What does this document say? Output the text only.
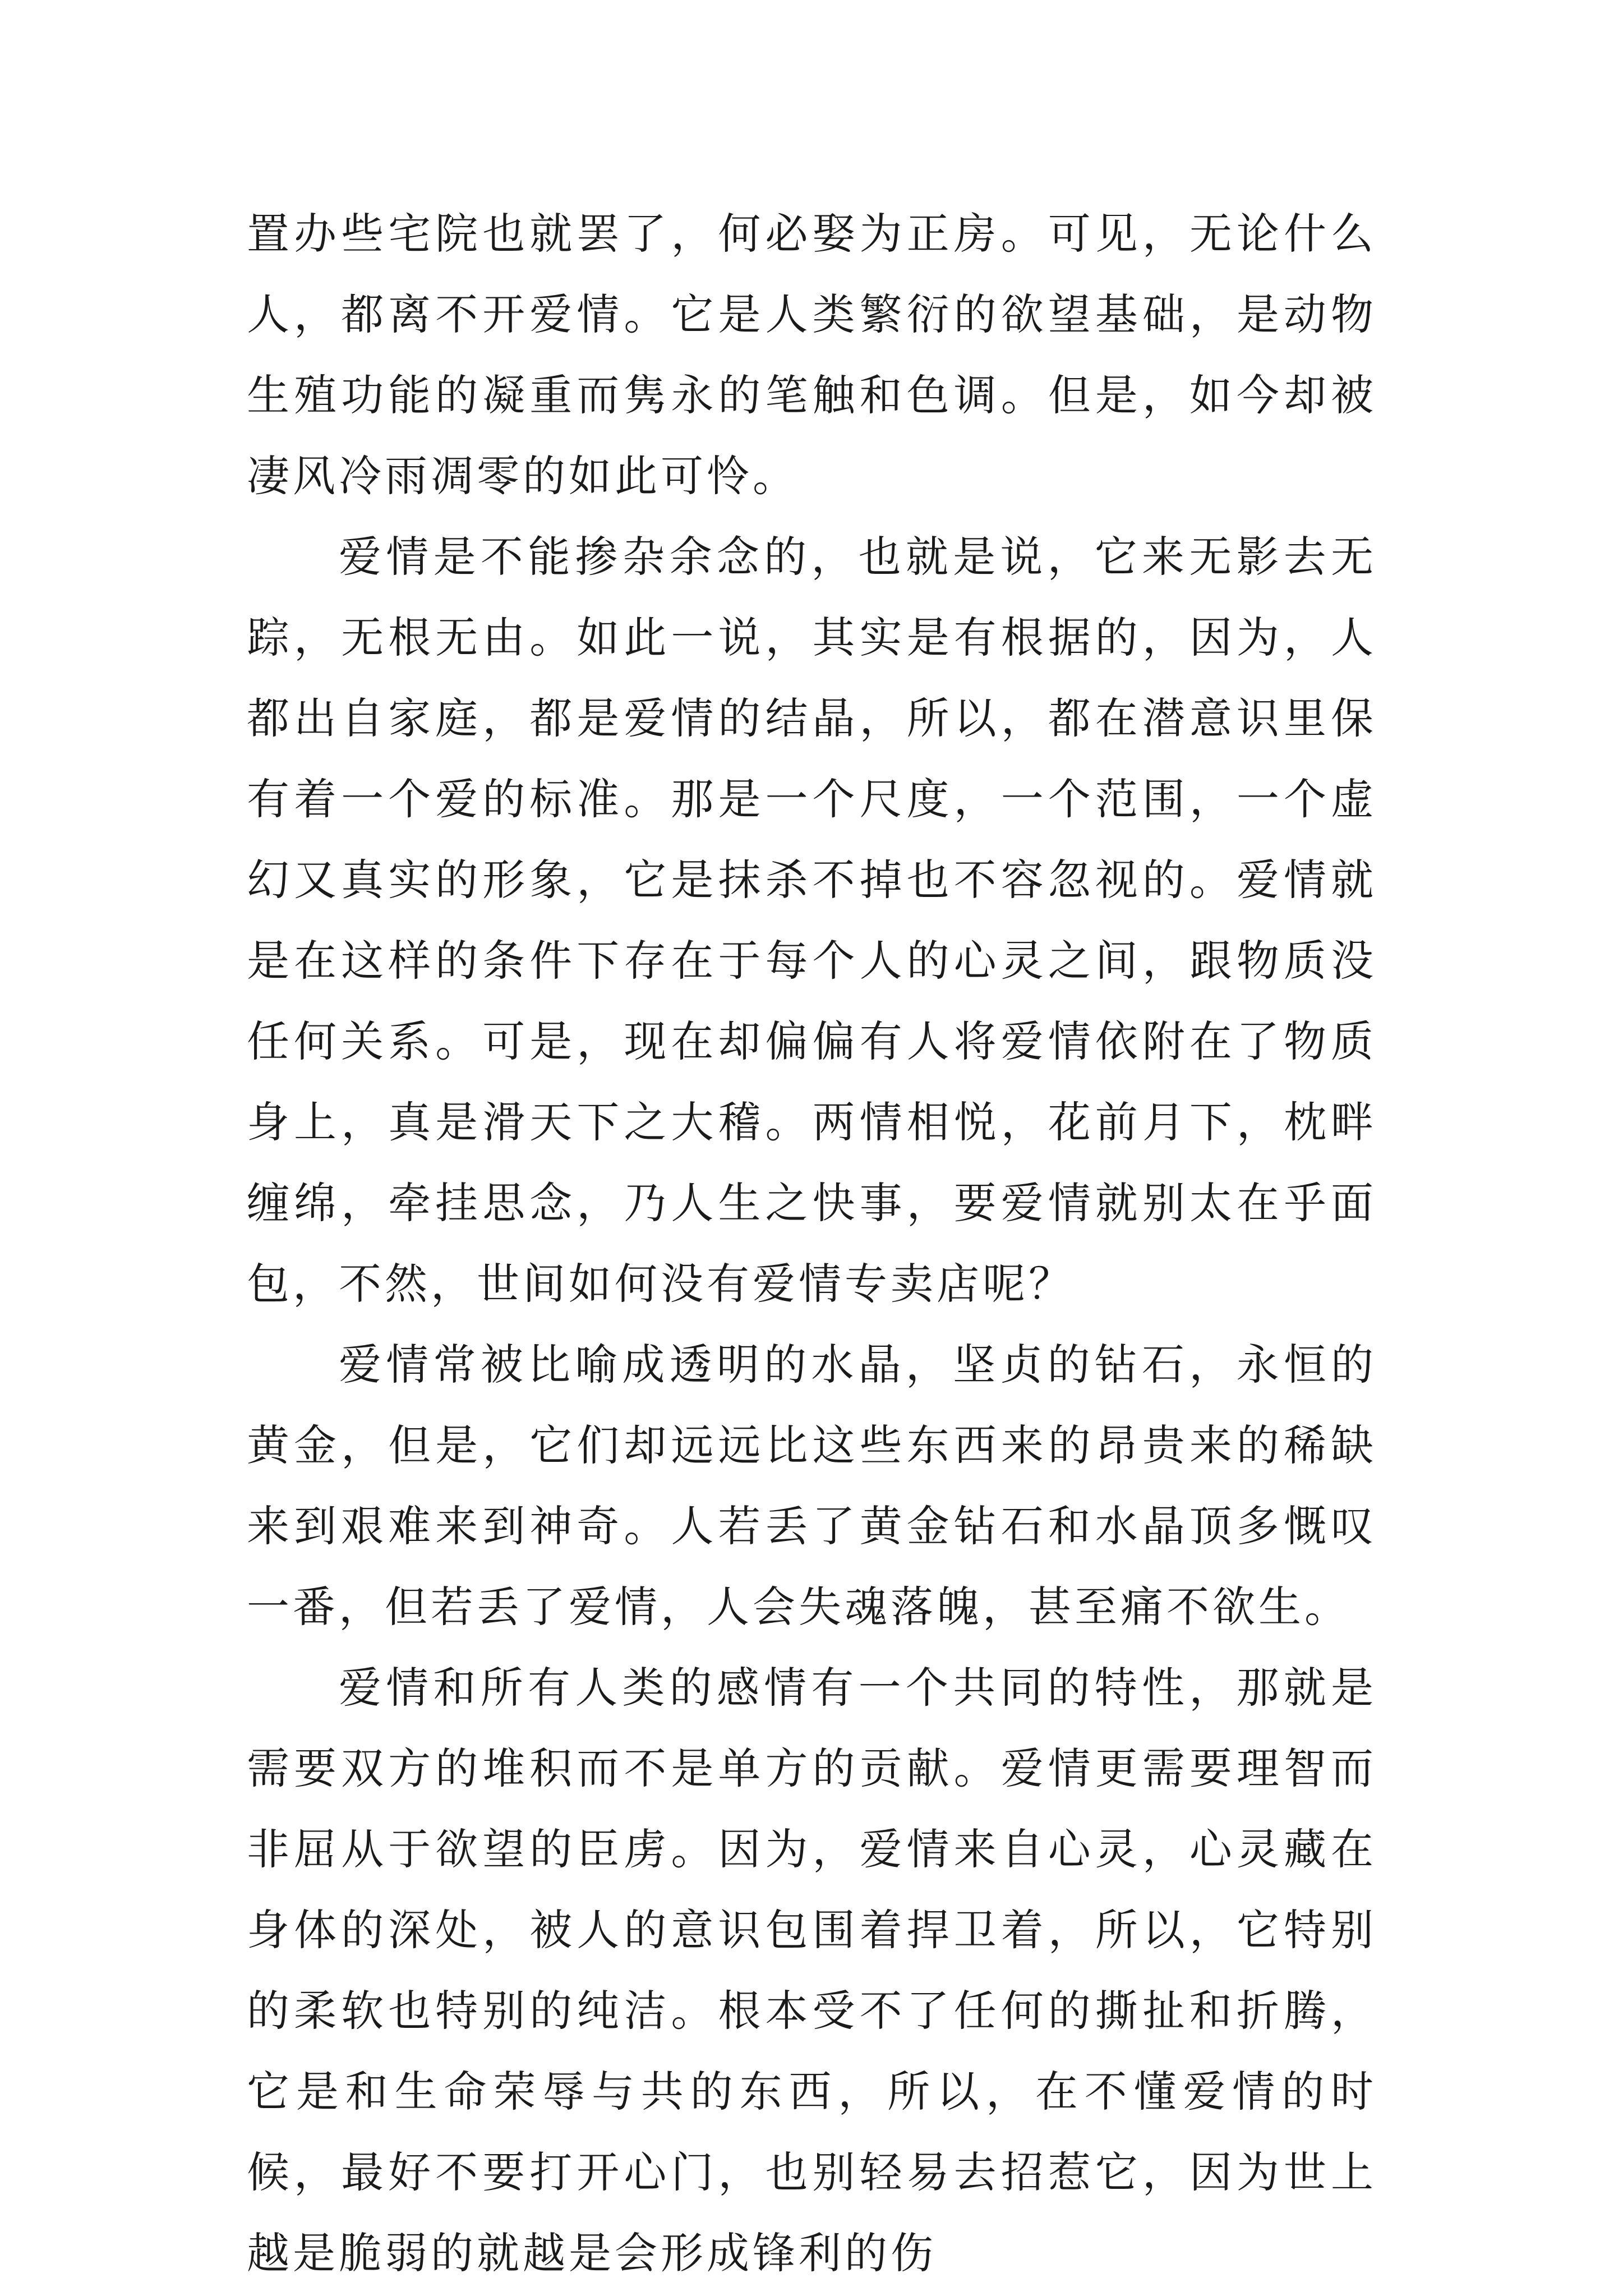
置办些宅院也就罢了，何必娶为正房。可见，无论什么人，都离不开爱情。它是人类繁衍的欲望基础，是动物生殖功能的凝重而隽永的笔触和色调。但是，如今却被凄风冷雨凋零的如此可怜。

爱情是不能掺杂余念的，也就是说，它来无影去无踪，无根无由。如此一说，其实是有根据的，因为，人都出自家庭，都是爱情的结晶，所以，都在潜意识里保有着一个爱的标准。那是一个尺度，一个范围，一个虚幻又真实的形象，它是抹杀不掉也不容忽视的。爱情就是在这样的条件下存在于每个人的心灵之间，跟物质没任何关系。可是，现在却偏偏有人将爱情依附在了物质身上，真是滑天下之大稽。两情相悦，花前月下，枕畔缠绵，牵挂思念，乃人生之快事，要爱情就别太在乎面包，不然，世间如何没有爱情专卖店呢？

爱情常被比喻成透明的水晶，坚贞的钻石，永恒的黄金，但是，它们却远远比这些东西来的昂贵来的稀缺来到艰难来到神奇。人若丢了黄金钻石和水晶顶多慨叹一番，但若丢了爱情，人会失魂落魄，甚至痛不欲生。

爱情和所有人类的感情有一个共同的特性，那就是需要双方的堆积而不是单方的贡献。爱情更需要理智而非屈从于欲望的臣虏。因为，爱情来自心灵，心灵藏在身体的深处，被人的意识包围着捍卫着，所以，它特别的柔软也特别的纯洁。根本受不了任何的撕扯和折腾，它是和生命荣辱与共的东西，所以，在不懂爱情的时候，最好不要打开心门，也别轻易去招惹它，因为世上越是脆弱的就越是会形成锋利的伤
